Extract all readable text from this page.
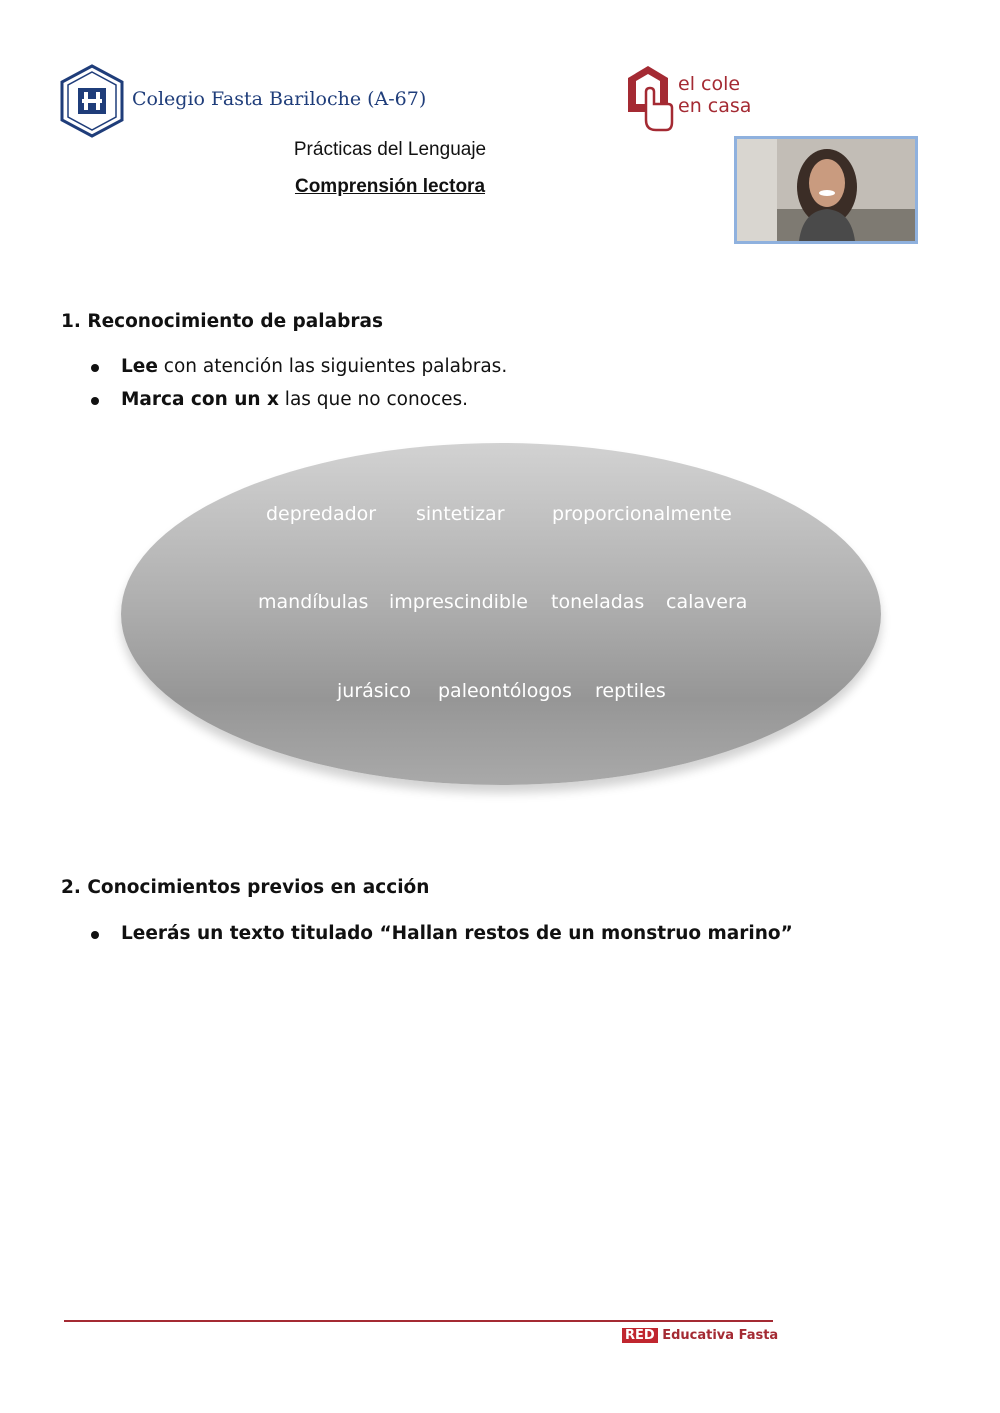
Colegio Fasta Bariloche (A-67)
el cole
en casa
Prácticas del Lenguaje
Comprensión lectora
1. Reconocimiento de palabras
Lee con atención las siguientes palabras.
Marca con un x las que no conoces.
depredador sintetizar proporcionalmente
mandíbulas imprescindible toneladas calavera
jurásico paleontólogos reptiles
2. Conocimientos previos en acción
Leerás un texto titulado “Hallan restos de un monstruo marino”
RED Educativa Fasta
